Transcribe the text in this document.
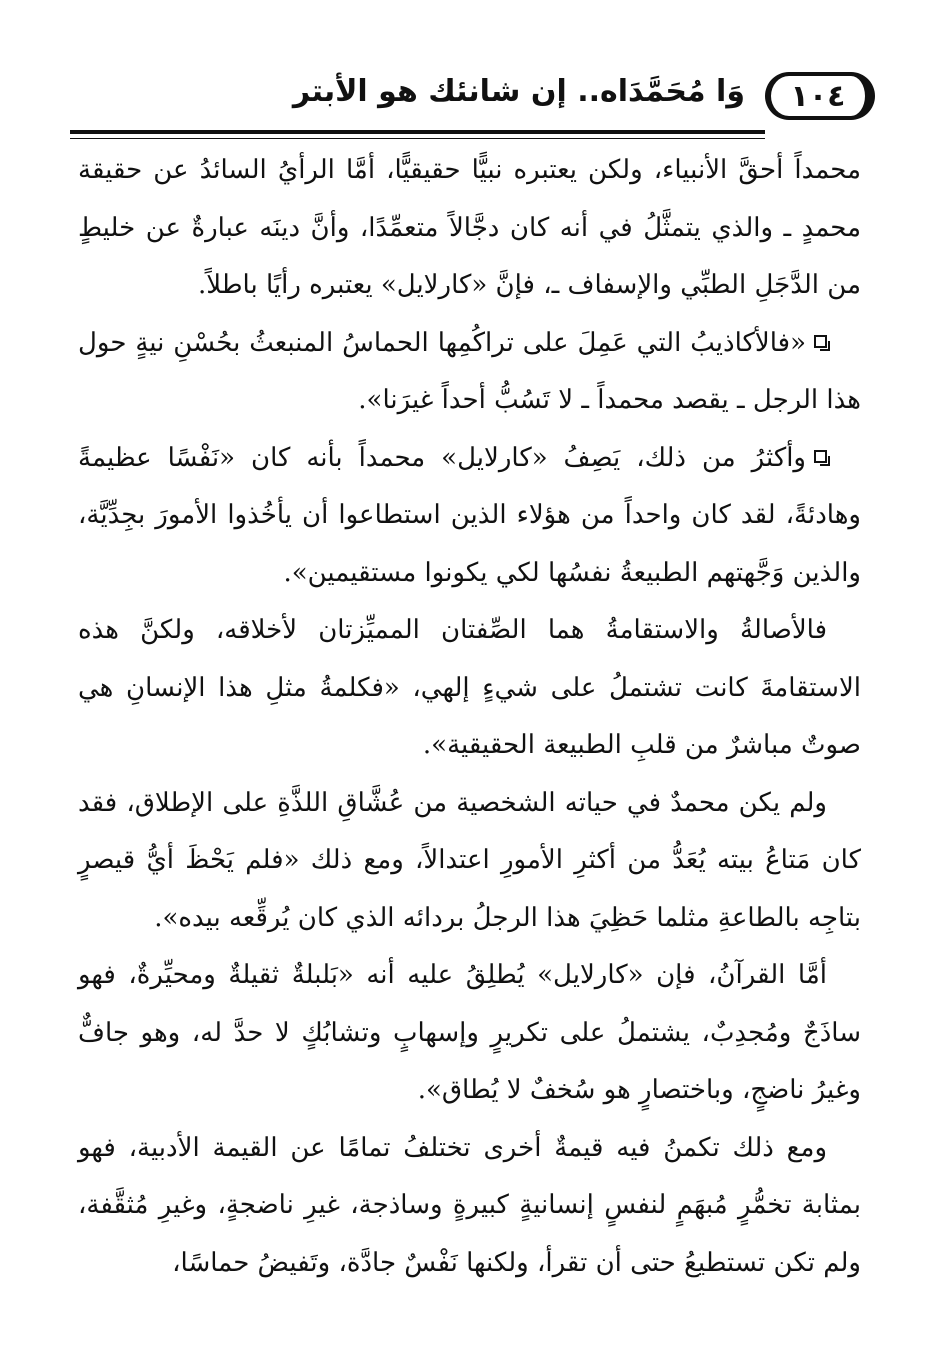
١٠٤
وَا مُحَمَّدَاه.. إن شانئك هو الأبتر

محمداً أحقَّ الأنبياء، ولكن يعتبره نبيًّا حقيقيًّا، أمَّا الرأيُ السائدُ عن حقيقة محمدٍ ـ والذي يتمثَّلُ في أنه كان دجَّالاً متعمِّدًا، وأنَّ دينَه عبارةٌ عن خليطٍ من الدَّجَلِ الطبِّي والإسفاف ـ، فإنَّ «كارلايل» يعتبره رأيًا باطلاً.

«فالأكاذيبُ التي عَمِلَ على تراكُمِها الحماسُ المنبعثُ بحُسْنِ نيةٍ حول هذا الرجل ـ يقصد محمداً ـ لا تَسُبُّ أحداً غيرَنا».

وأكثرُ من ذلك، يَصِفُ «كارلايل» محمداً بأنه كان «نَفْسًا عظيمةً وهادئةً، لقد كان واحداً من هؤلاء الذين استطاعوا أن يأخُذوا الأمورَ بجِدِّيَّة، والذين وَجَّهتهم الطبيعةُ نفسُها لكي يكونوا مستقيمين».

فالأصالةُ والاستقامةُ هما الصِّفتان المميِّزتان لأخلاقه، ولكنَّ هذه الاستقامةَ كانت تشتملُ على شيءٍ إلهي، «فكلمةُ مثلِ هذا الإنسانِ هي صوتٌ مباشرٌ من قلبِ الطبيعة الحقيقية».

ولم يكن محمدٌ في حياته الشخصية من عُشَّاقِ اللذَّةِ على الإطلاق، فقد كان مَتاعُ بيته يُعَدُّ من أكثرِ الأمورِ اعتدالاً، ومع ذلك «فلم يَحْظَ أيُّ قيصرٍ بتاجِه بالطاعةِ مثلما حَظِيَ هذا الرجلُ بردائه الذي كان يُرقِّعه بيده».

أمَّا القرآنُ، فإن «كارلايل» يُطلِقُ عليه أنه «بَلبلةٌ ثقيلةٌ ومحيِّرةٌ، فهو ساذَجٌ ومُجدِبٌ، يشتملُ على تكريرٍ وإسهابٍ وتشابُكٍ لا حدَّ له، وهو جافٌّ وغيرُ ناضجٍ، وباختصارٍ هو سُخفٌ لا يُطاق».

ومع ذلك تكمنُ فيه قيمةٌ أخرى تختلفُ تمامًا عن القيمة الأدبية، فهو بمثابة تخمُّرٍ مُبهَمٍ لنفسٍ إنسانيةٍ كبيرةٍ وساذجة، غيرِ ناضجةٍ، وغيرِ مُثقَّفة، ولم تكن تستطيعُ حتى أن تقرأ، ولكنها نَفْسٌ جادَّة، وتَفيضُ حماسًا،
